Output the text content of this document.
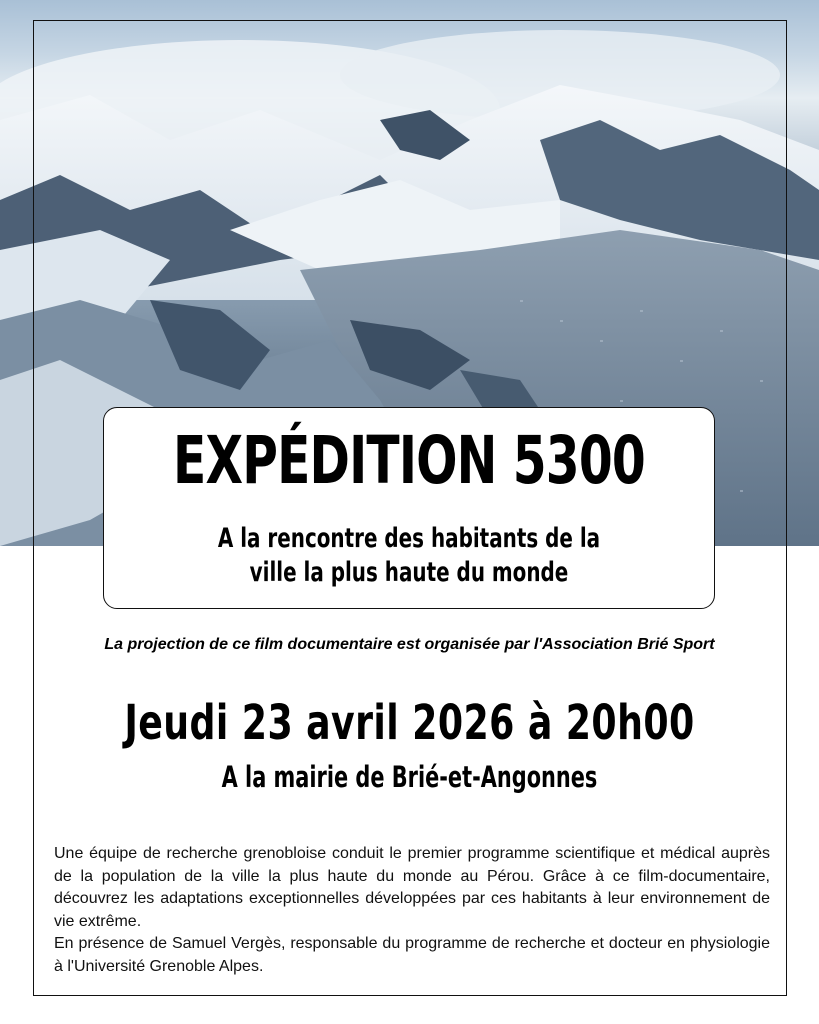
EXPÉDITION 5300
A la rencontre des habitants de la
ville la plus haute du monde
La projection de ce film documentaire est organisée par l'Association Brié Sport
Jeudi 23 avril 2026 à 20h00
A la mairie de Brié-et-Angonnes

Une équipe de recherche grenobloise conduit le premier programme scientifique et médical auprès de la population de la ville la plus haute du monde au Pérou. Grâce à ce film-documentaire, découvrez les adaptations exceptionnelles développées par ces habitants à leur environnement de vie extrême.

En présence de Samuel Vergès, responsable du programme de recherche et docteur en physiologie à l'Université Grenoble Alpes.
